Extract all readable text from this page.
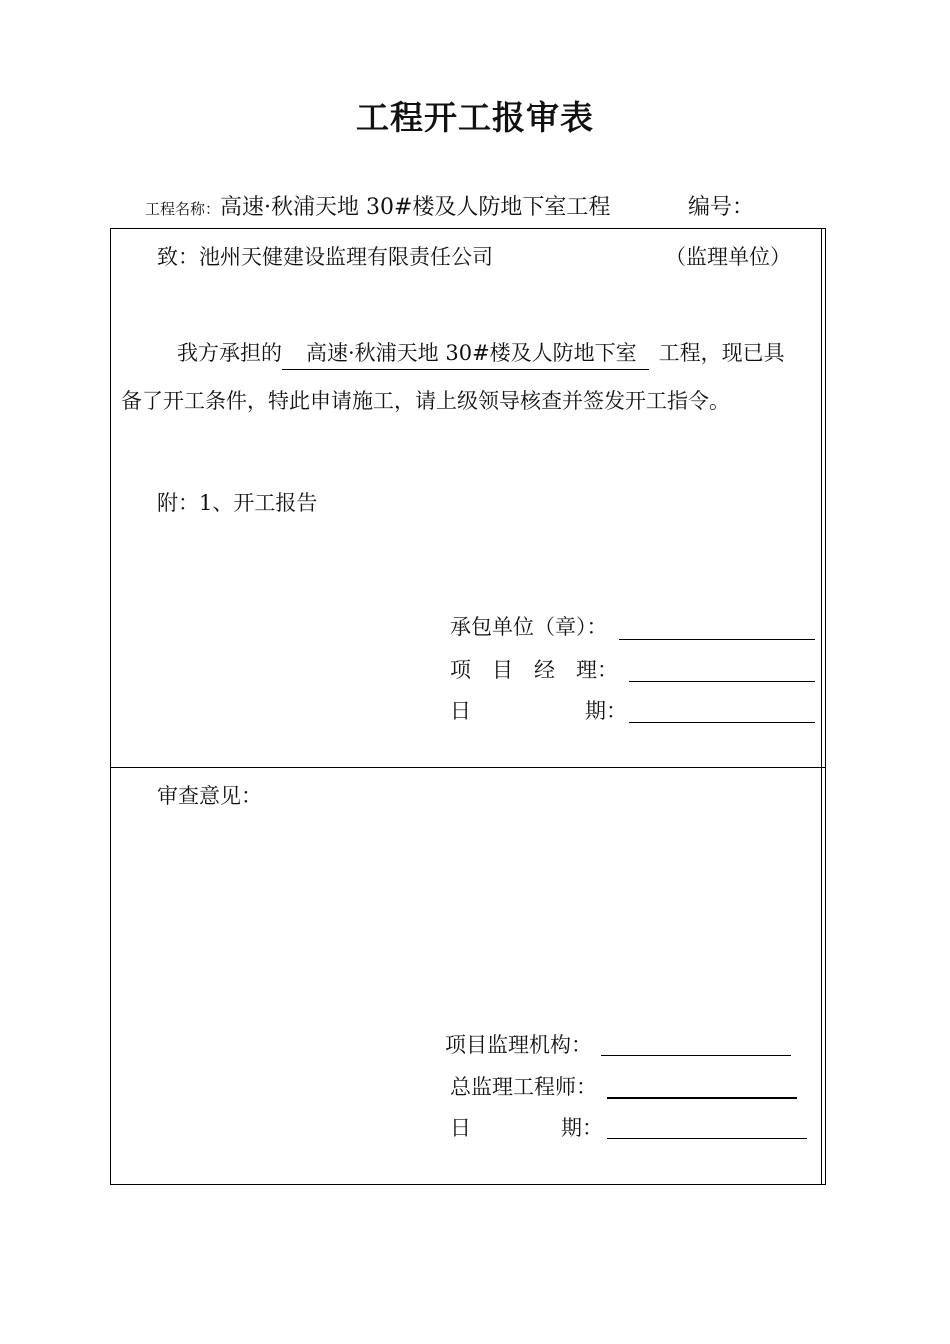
工程开工报审表
工程名称：高速·秋浦天地 30#楼及人防地下室工程	编号：
致：池州天健建设监理有限责任公司	（监理单位）
我方承担的 高速·秋浦天地 30#楼及人防地下室 工程，现已具
备了开工条件，特此申请施工，请上级领导核查并签发开工指令。
附：1、开工报告
承包单位（章）：
项　目　经　理：
日	期：
审查意见：
项目监理机构：
总监理工程师：
日	期：
